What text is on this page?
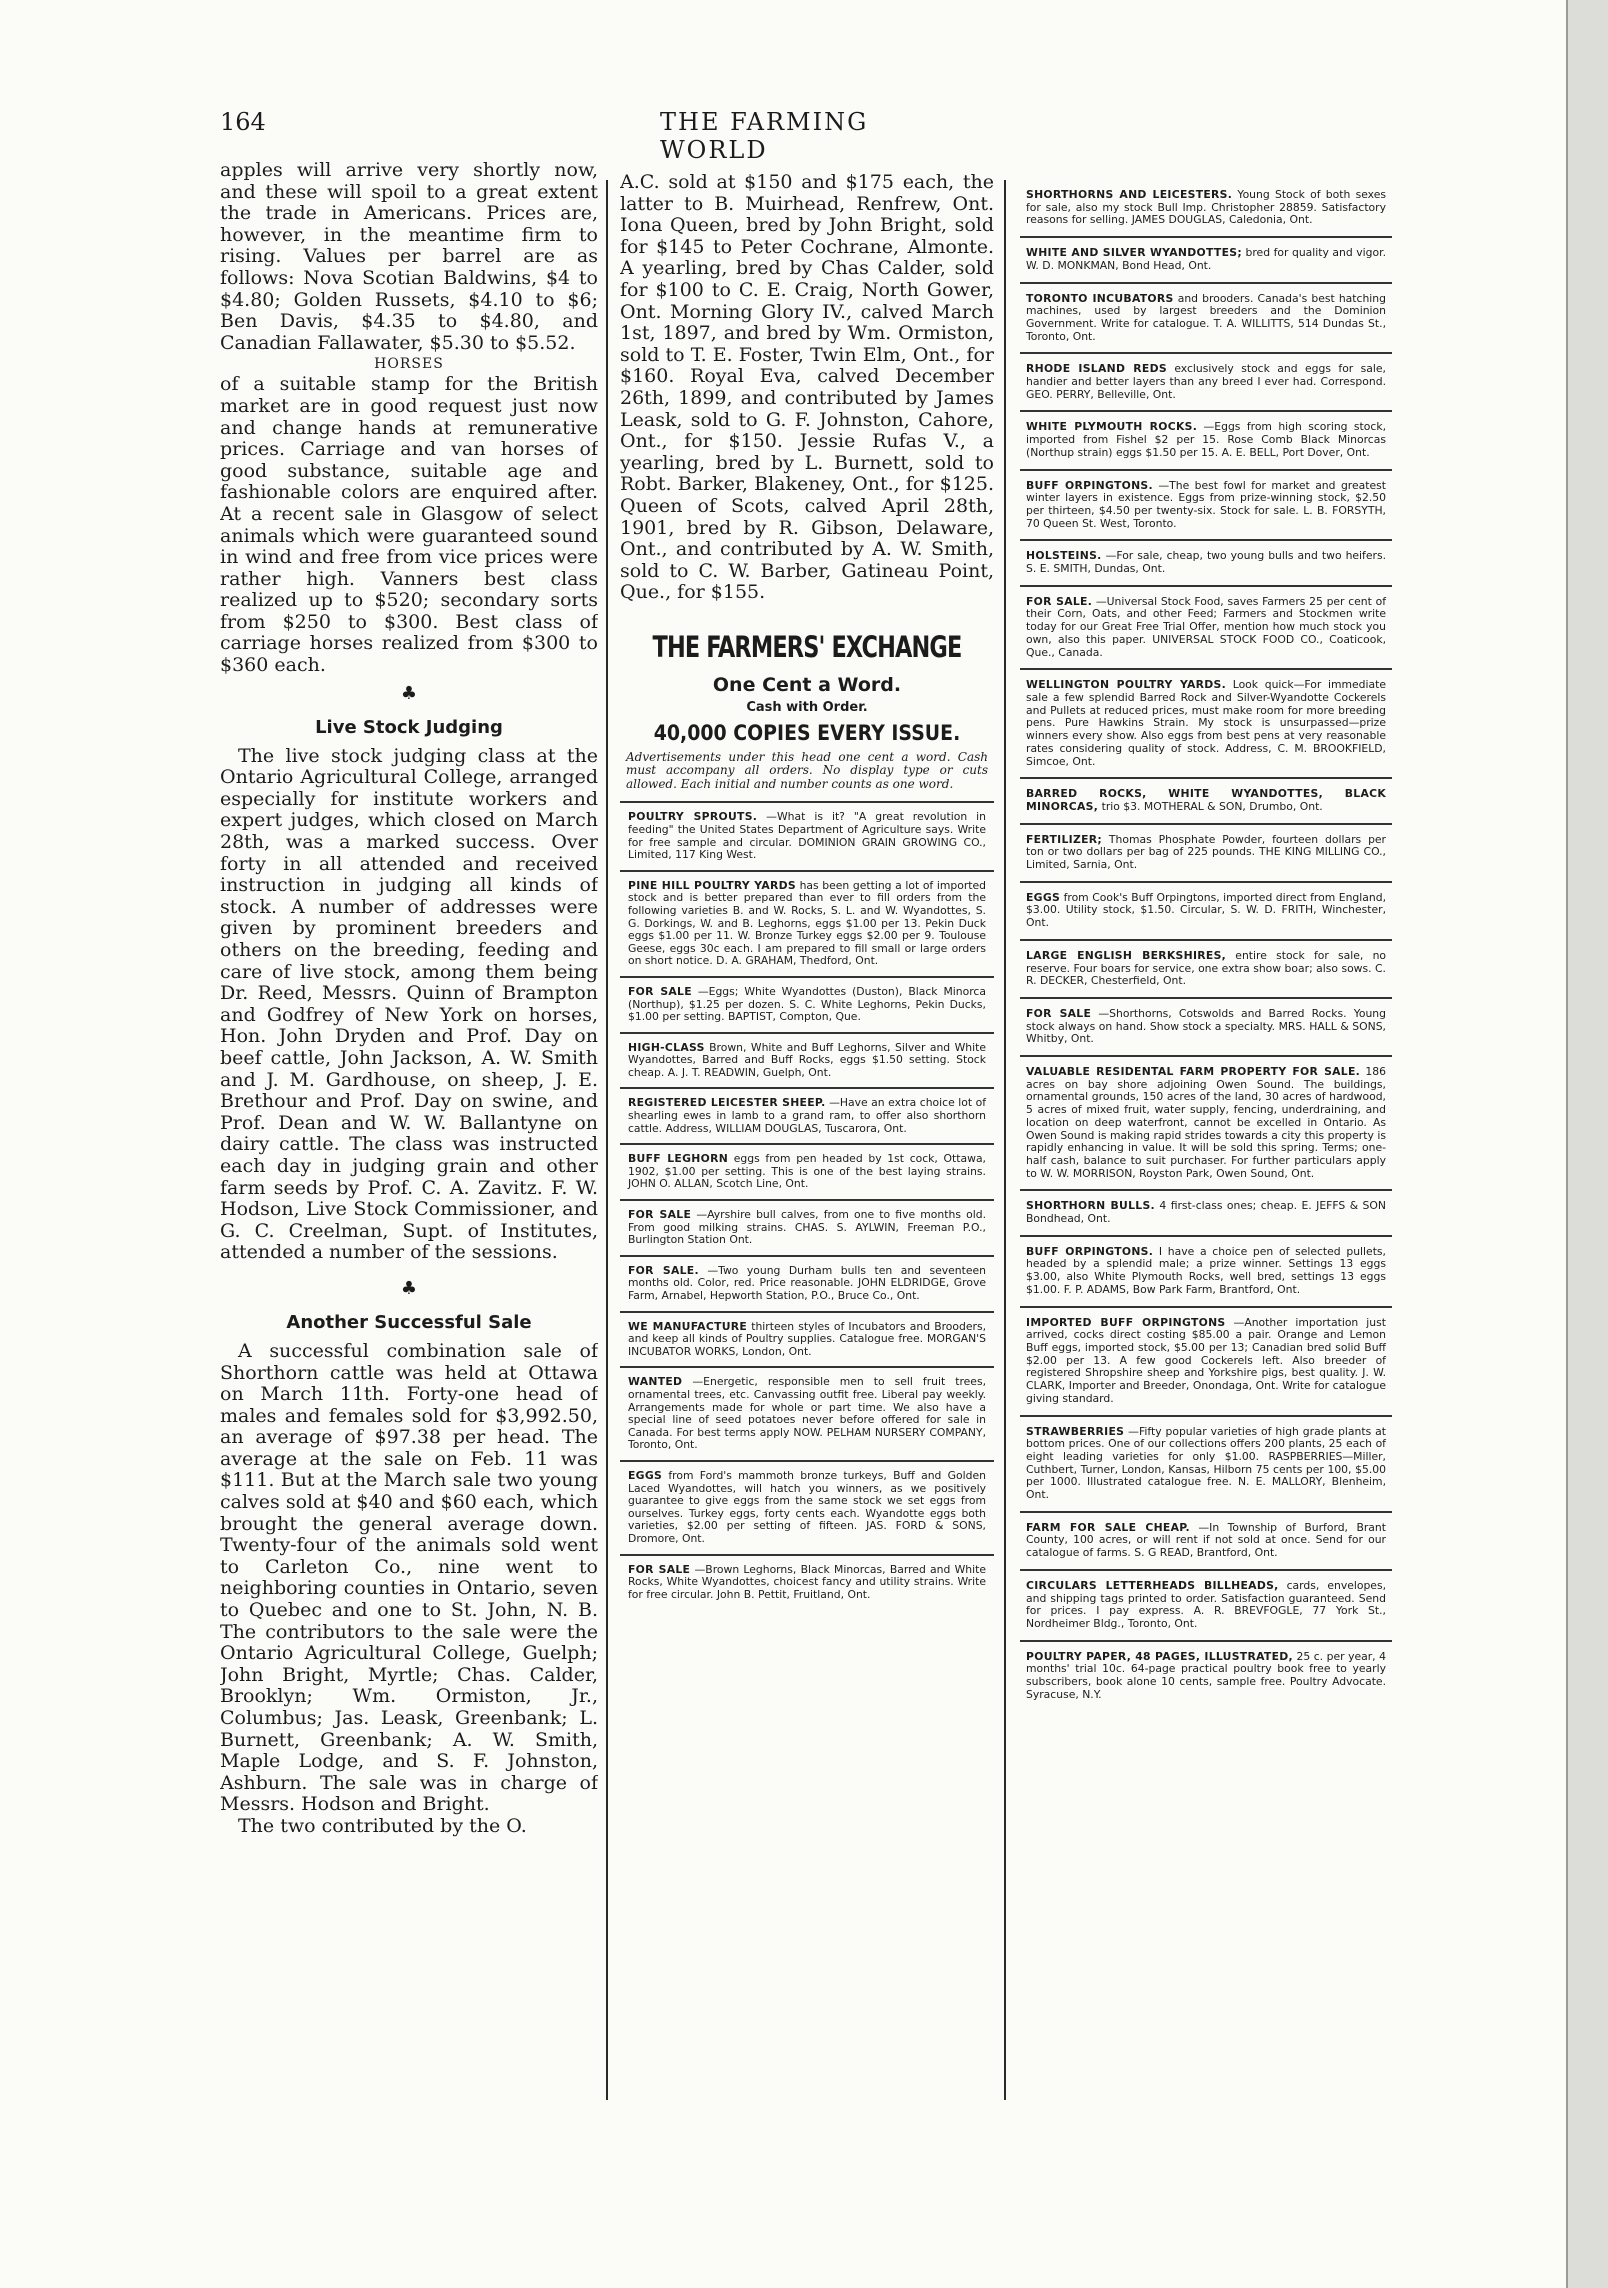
164	THE FARMING WORLD

apples will arrive very shortly now, and these will spoil to a great extent the trade in Americans. Prices are, however, in the meantime firm to rising. Values per barrel are as follows: Nova Scotian Baldwins, $4 to $4.80; Golden Russets, $4.10 to $6; Ben Davis, $4.35 to $4.80, and Canadian Fallawater, $5.30 to $5.52.

HORSES

of a suitable stamp for the British market are in good request just now and change hands at remunerative prices. Carriage and van horses of good substance, suitable age and fashionable colors are enquired after. At a recent sale in Glasgow of select animals which were guaranteed sound in wind and free from vice prices were rather high. Vanners best class realized up to $520; secondary sorts from $250 to $300. Best class of carriage horses realized from $300 to $360 each.

♣
Live Stock Judging

The live stock judging class at the Ontario Agricultural College, arranged especially for institute workers and expert judges, which closed on March 28th, was a marked success. Over forty in all attended and received instruction in judging all kinds of stock. A number of addresses were given by prominent breeders and others on the breeding, feeding and care of live stock, among them being Dr. Reed, Messrs. Quinn of Brampton and Godfrey of New York on horses, Hon. John Dryden and Prof. Day on beef cattle, John Jackson, A. W. Smith and J. M. Gardhouse, on sheep, J. E. Brethour and Prof. Day on swine, and Prof. Dean and W. W. Ballantyne on dairy cattle. The class was instructed each day in judging grain and other farm seeds by Prof. C. A. Zavitz. F. W. Hodson, Live Stock Commissioner, and G. C. Creelman, Supt. of Institutes, attended a number of the sessions.

♣
Another Successful Sale

A successful combination sale of Shorthorn cattle was held at Ottawa on March 11th. Forty-one head of males and females sold for $3,992.50, an average of $97.38 per head. The average at the sale on Feb. 11 was $111. But at the March sale two young calves sold at $40 and $60 each, which brought the general average down. Twenty-four of the animals sold went to Carleton Co., nine went to neighboring counties in Ontario, seven to Quebec and one to St. John, N. B. The contributors to the sale were the Ontario Agricultural College, Guelph; John Bright, Myrtle; Chas. Calder, Brooklyn; Wm. Ormiston, Jr., Columbus; Jas. Leask, Greenbank; L. Burnett, Greenbank; A. W. Smith, Maple Lodge, and S. F. Johnston, Ashburn. The sale was in charge of Messrs. Hodson and Bright.

The two contributed by the O.

A.C. sold at $150 and $175 each, the latter to B. Muirhead, Renfrew, Ont. Iona Queen, bred by John Bright, sold for $145 to Peter Cochrane, Almonte. A yearling, bred by Chas Calder, sold for $100 to C. E. Craig, North Gower, Ont. Morning Glory IV., calved March 1st, 1897, and bred by Wm. Ormiston, sold to T. E. Foster, Twin Elm, Ont., for $160. Royal Eva, calved December 26th, 1899, and contributed by James Leask, sold to G. F. Johnston, Cahore, Ont., for $150. Jessie Rufas V., a yearling, bred by L. Burnett, sold to Robt. Barker, Blakeney, Ont., for $125. Queen of Scots, calved April 28th, 1901, bred by R. Gibson, Delaware, Ont., and contributed by A. W. Smith, sold to C. W. Barber, Gatineau Point, Que., for $155.

THE FARMERS' EXCHANGE
One Cent a Word.
Cash with Order.
40,000 COPIES EVERY ISSUE.
Advertisements under this head one cent a word. Cash must accompany all orders. No display type or cuts allowed. Each initial and number counts as one word.
POULTRY SPROUTS. —What is it? "A great revolution in feeding" the United States Department of Agriculture says. Write for free sample and circular. DOMINION GRAIN GROWING CO., Limited, 117 King West.
PINE HILL POULTRY YARDS has been getting a lot of imported stock and is better prepared than ever to fill orders from the following varieties B. and W. Rocks, S. L. and W. Wyandottes, S. G. Dorkings, W. and B. Leghorns, eggs $1.00 per 13. Pekin Duck eggs $1.00 per 11. W. Bronze Turkey eggs $2.00 per 9. Toulouse Geese, eggs 30c each. I am prepared to fill small or large orders on short notice. D. A. GRAHAM, Thedford, Ont.
FOR SALE —Eggs; White Wyandottes (Duston), Black Minorca (Northup), $1.25 per dozen. S. C. White Leghorns, Pekin Ducks, $1.00 per setting. BAPTIST, Compton, Que.
HIGH-CLASS Brown, White and Buff Leghorns, Silver and White Wyandottes, Barred and Buff Rocks, eggs $1.50 setting. Stock cheap. A. J. T. READWIN, Guelph, Ont.
REGISTERED LEICESTER SHEEP. —Have an extra choice lot of shearling ewes in lamb to a grand ram, to offer also shorthorn cattle. Address, WILLIAM DOUGLAS, Tuscarora, Ont.
BUFF LEGHORN eggs from pen headed by 1st cock, Ottawa, 1902, $1.00 per setting. This is one of the best laying strains. JOHN O. ALLAN, Scotch Line, Ont.
FOR SALE —Ayrshire bull calves, from one to five months old. From good milking strains. CHAS. S. AYLWIN, Freeman P.O., Burlington Station Ont.
FOR SALE. —Two young Durham bulls ten and seventeen months old. Color, red. Price reasonable. JOHN ELDRIDGE, Grove Farm, Arnabel, Hepworth Station, P.O., Bruce Co., Ont.
WE MANUFACTURE thirteen styles of Incubators and Brooders, and keep all kinds of Poultry supplies. Catalogue free. MORGAN'S INCUBATOR WORKS, London, Ont.
WANTED —Energetic, responsible men to sell fruit trees, ornamental trees, etc. Canvassing outfit free. Liberal pay weekly. Arrangements made for whole or part time. We also have a special line of seed potatoes never before offered for sale in Canada. For best terms apply NOW. PELHAM NURSERY COMPANY, Toronto, Ont.
EGGS from Ford's mammoth bronze turkeys, Buff and Golden Laced Wyandottes, will hatch you winners, as we positively guarantee to give eggs from the same stock we set eggs from ourselves. Turkey eggs, forty cents each. Wyandotte eggs both varieties, $2.00 per setting of fifteen. JAS. FORD & SONS, Dromore, Ont.
FOR SALE —Brown Leghorns, Black Minorcas, Barred and White Rocks, White Wyandottes, choicest fancy and utility strains. Write for free circular. John B. Pettit, Fruitland, Ont.
SHORTHORNS AND LEICESTERS. Young Stock of both sexes for sale, also my stock Bull Imp. Christopher 28859. Satisfactory reasons for selling. JAMES DOUGLAS, Caledonia, Ont.
WHITE AND SILVER WYANDOTTES; bred for quality and vigor. W. D. MONKMAN, Bond Head, Ont.
TORONTO INCUBATORS and brooders. Canada's best hatching machines, used by largest breeders and the Dominion Government. Write for catalogue. T. A. WILLITTS, 514 Dundas St., Toronto, Ont.
RHODE ISLAND REDS exclusively stock and eggs for sale, handier and better layers than any breed I ever had. Correspond. GEO. PERRY, Belleville, Ont.
WHITE PLYMOUTH ROCKS. —Eggs from high scoring stock, imported from Fishel $2 per 15. Rose Comb Black Minorcas (Northup strain) eggs $1.50 per 15. A. E. BELL, Port Dover, Ont.
BUFF ORPINGTONS. —The best fowl for market and greatest winter layers in existence. Eggs from prize-winning stock, $2.50 per thirteen, $4.50 per twenty-six. Stock for sale. L. B. FORSYTH, 70 Queen St. West, Toronto.
HOLSTEINS. —For sale, cheap, two young bulls and two heifers. S. E. SMITH, Dundas, Ont.
FOR SALE. —Universal Stock Food, saves Farmers 25 per cent of their Corn, Oats, and other Feed; Farmers and Stockmen write today for our Great Free Trial Offer, mention how much stock you own, also this paper. UNIVERSAL STOCK FOOD CO., Coaticook, Que., Canada.
WELLINGTON POULTRY YARDS. Look quick—For immediate sale a few splendid Barred Rock and Silver-Wyandotte Cockerels and Pullets at reduced prices, must make room for more breeding pens. Pure Hawkins Strain. My stock is unsurpassed—prize winners every show. Also eggs from best pens at very reasonable rates considering quality of stock. Address, C. M. BROOKFIELD, Simcoe, Ont.
BARRED ROCKS, WHITE WYANDOTTES, BLACK MINORCAS, trio $3. MOTHERAL & SON, Drumbo, Ont.
FERTILIZER; Thomas Phosphate Powder, fourteen dollars per ton or two dollars per bag of 225 pounds. THE KING MILLING CO., Limited, Sarnia, Ont.
EGGS from Cook's Buff Orpingtons, imported direct from England, $3.00. Utility stock, $1.50. Circular, S. W. D. FRITH, Winchester, Ont.
LARGE ENGLISH BERKSHIRES, entire stock for sale, no reserve. Four boars for service, one extra show boar; also sows. C. R. DECKER, Chesterfield, Ont.
FOR SALE —Shorthorns, Cotswolds and Barred Rocks. Young stock always on hand. Show stock a specialty. MRS. HALL & SONS, Whitby, Ont.
VALUABLE RESIDENTAL FARM PROPERTY FOR SALE. 186 acres on bay shore adjoining Owen Sound. The buildings, ornamental grounds, 150 acres of the land, 30 acres of hardwood, 5 acres of mixed fruit, water supply, fencing, underdraining, and location on deep waterfront, cannot be excelled in Ontario. As Owen Sound is making rapid strides towards a city this property is rapidly enhancing in value. It will be sold this spring. Terms; one-half cash, balance to suit purchaser. For further particulars apply to W. W. MORRISON, Royston Park, Owen Sound, Ont.
SHORTHORN BULLS. 4 first-class ones; cheap. E. JEFFS & SON Bondhead, Ont.
BUFF ORPINGTONS. I have a choice pen of selected pullets, headed by a splendid male; a prize winner. Settings 13 eggs $3.00, also White Plymouth Rocks, well bred, settings 13 eggs $1.00. F. P. ADAMS, Bow Park Farm, Brantford, Ont.
IMPORTED BUFF ORPINGTONS —Another importation just arrived, cocks direct costing $85.00 a pair. Orange and Lemon Buff eggs, imported stock, $5.00 per 13; Canadian bred solid Buff $2.00 per 13. A few good Cockerels left. Also breeder of registered Shropshire sheep and Yorkshire pigs, best quality. J. W. CLARK, Importer and Breeder, Onondaga, Ont. Write for catalogue giving standard.
STRAWBERRIES —Fifty popular varieties of high grade plants at bottom prices. One of our collections offers 200 plants, 25 each of eight leading varieties for only $1.00. RASPBERRIES—Miller, Cuthbert, Turner, London, Kansas, Hilborn 75 cents per 100, $5.00 per 1000. Illustrated catalogue free. N. E. MALLORY, Blenheim, Ont.
FARM FOR SALE CHEAP. —In Township of Burford, Brant County, 100 acres, or will rent if not sold at once. Send for our catalogue of farms. S. G READ, Brantford, Ont.
CIRCULARS LETTERHEADS BILLHEADS, cards, envelopes, and shipping tags printed to order. Satisfaction guaranteed. Send for prices. I pay express. A. R. BREVFOGLE, 77 York St., Nordheimer Bldg., Toronto, Ont.
POULTRY PAPER, 48 PAGES, ILLUSTRATED, 25 c. per year, 4 months' trial 10c. 64-page practical poultry book free to yearly subscribers, book alone 10 cents, sample free. Poultry Advocate. Syracuse, N.Y.
